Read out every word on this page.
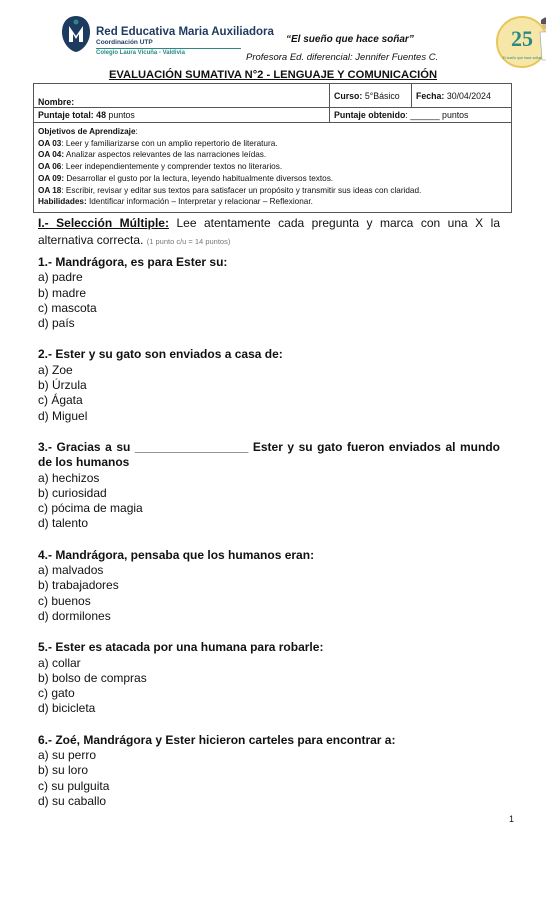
Red Educativa Maria Auxiliadora
Coordinación UTP
Colegio Laura Vicuña - Valdivia
“El sueño que hace soñar”
Profesora Ed. diferencial: Jennifer Fuentes C.
25
El sueño que hace soñar
EVALUACIÓN SUMATIVA N°2 - LENGUAJE Y COMUNICACIÓN
Nombre:
Curso:
5°Básico Fecha:
30/04/2024
Puntaje total:
48
puntos	Puntaje obtenido : ______ puntos
Objetivos de Aprendizaje:
OA 03: Leer y familiarizarse con un amplio repertorio de literatura.
OA 04: Analizar aspectos relevantes de las narraciones leídas.
OA 06: Leer independientemente y comprender textos no literarios.
OA 09: Desarrollar el gusto por la lectura, leyendo habitualmente diversos textos.
OA 18: Escribir, revisar y editar sus textos para satisfacer un propósito y transmitir sus ideas con claridad.
Habilidades: Identificar información – Interpretar y relacionar – Reflexionar.
I.- Selección Múltiple: Lee atentamente cada pregunta y marca con una X la alternativa correcta. (1 punto c/u = 14 puntos)
1.- Mandrágora, es para Ester su:
a) padre
b) madre
c) mascota
d) país
2.- Ester y su gato son enviados a casa de:
a) Zoe
b) Úrzula
c) Ágata
d) Miguel
3.- Gracias a su _________________ Ester y su gato fueron enviados al mundo de los humanos
a) hechizos
b) curiosidad
c) pócima de magia
d) talento
4.- Mandrágora, pensaba que los humanos eran:
a) malvados
b) trabajadores
c) buenos
d) dormilones
5.- Ester es atacada por una humana para robarle:
a) collar
b) bolso de compras
c) gato
d) bicicleta
6.- Zoé, Mandrágora y Ester hicieron carteles para encontrar a:
a) su perro
b) su loro
c) su pulguita
d) su caballo
1
